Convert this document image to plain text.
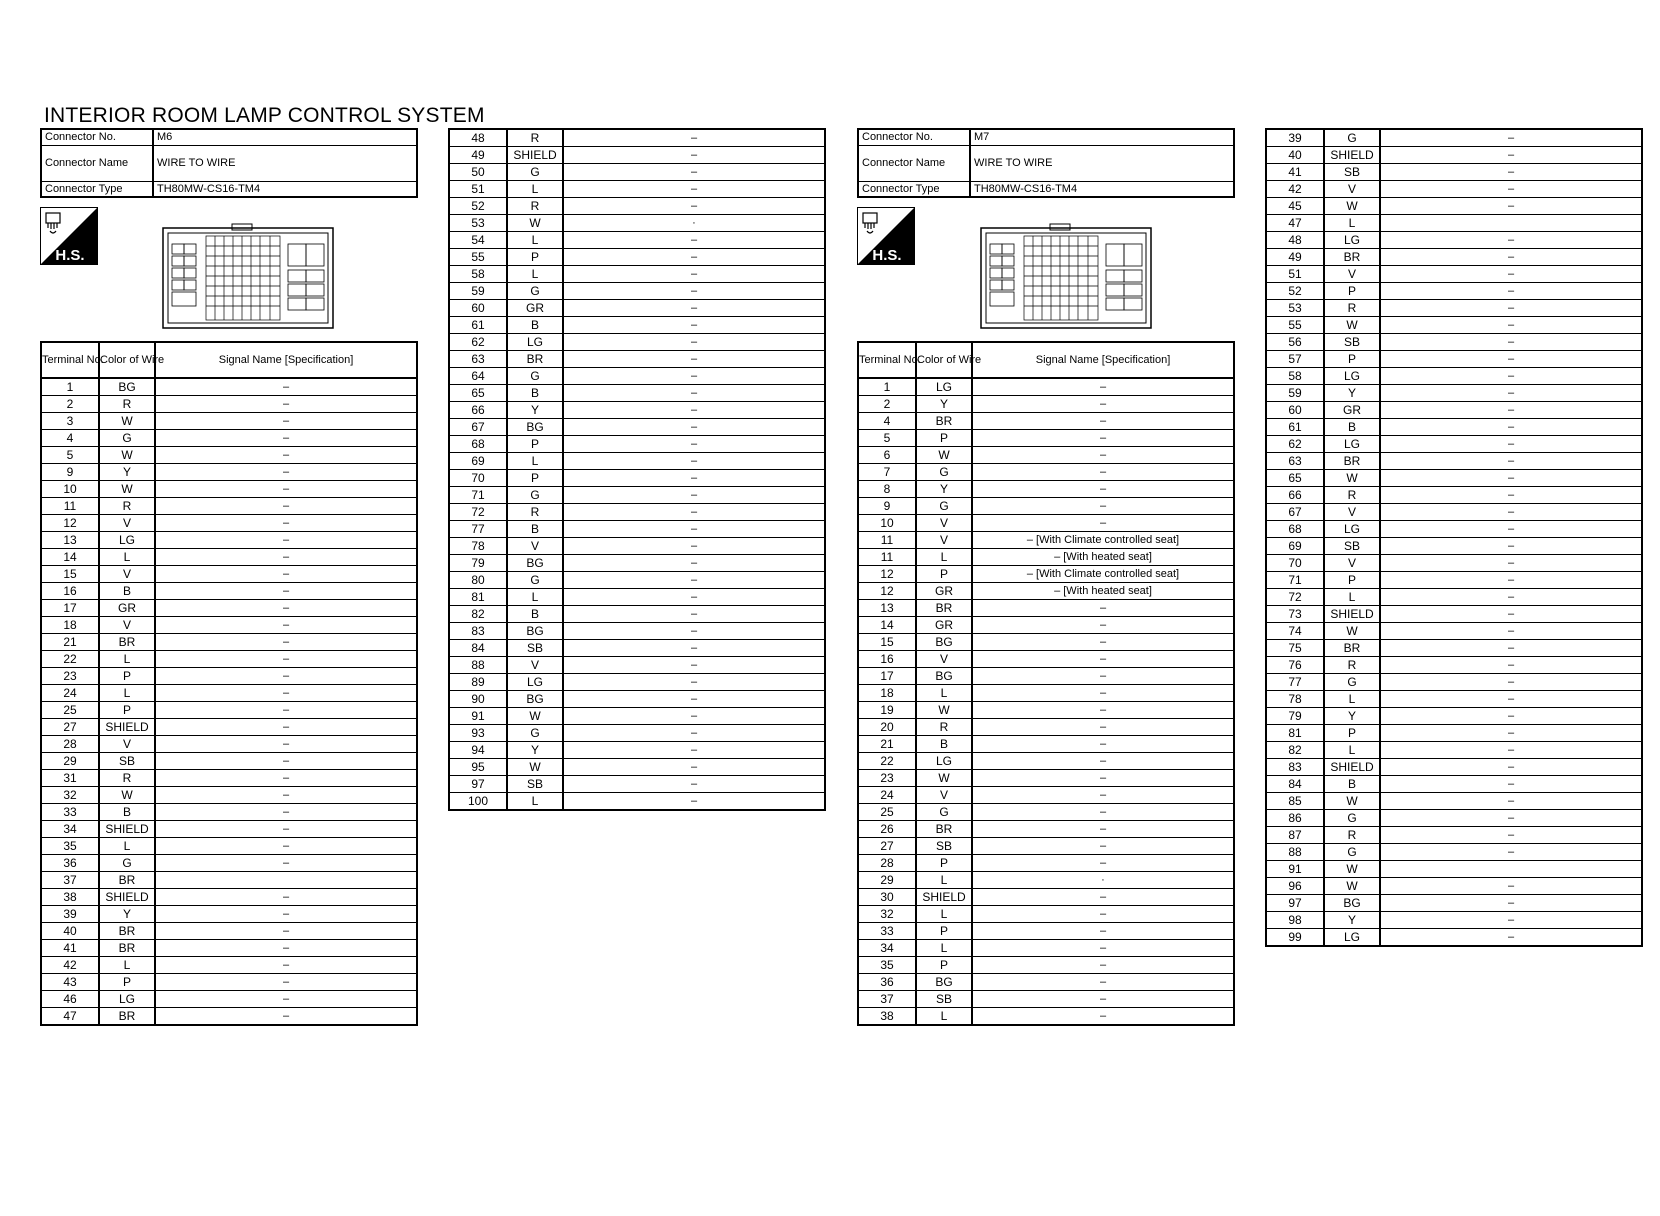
INTERIOR ROOM LAMP CONTROL SYSTEM
Connector No.	M6
Connector Name	WIRE TO WIRE
Connector Type	TH80MW-CS16-TM4
H.S.
Terminal No.	Color of Wire	Signal Name [Specification]
1	BG	–
2	R	–
3	W	–
4	G	–
5	W	–
9	Y	–
10	W	–
11	R	–
12	V	–
13	LG	–
14	L	–
15	V	–
16	B	–
17	GR	–
18	V	–
21	BR	–
22	L	–
23	P	–
24	L	–
25	P	–
27	SHIELD	–
28	V	–
29	SB	–
31	R	–
32	W	–
33	B	–
34	SHIELD	–
35	L	–
36	G	–
37	BR	
38	SHIELD	–
39	Y	–
40	BR	–
41	BR	–
42	L	–
43	P	–
46	LG	–
47	BR	–
48	R	–
49	SHIELD	–
50	G	–
51	L	–
52	R	–
53	W	·
54	L	–
55	P	–
58	L	–
59	G	–
60	GR	–
61	B	–
62	LG	–
63	BR	–
64	G	–
65	B	–
66	Y	–
67	BG	–
68	P	–
69	L	–
70	P	–
71	G	–
72	R	–
77	B	–
78	V	–
79	BG	–
80	G	–
81	L	–
82	B	–
83	BG	–
84	SB	–
88	V	–
89	LG	–
90	BG	–
91	W	–
93	G	–
94	Y	–
95	W	–
97	SB	–
100	L	–
Connector No.	M7
Connector Name	WIRE TO WIRE
Connector Type	TH80MW-CS16-TM4
H.S.
Terminal No.	Color of Wire	Signal Name [Specification]
1	LG	–
2	Y	–
4	BR	–
5	P	–
6	W	–
7	G	–
8	Y	–
9	G	–
10	V	–
11	V	– [With Climate controlled seat]
11	L	– [With heated seat]
12	P	– [With Climate controlled seat]
12	GR	– [With heated seat]
13	BR	–
14	GR	–
15	BG	–
16	V	–
17	BG	–
18	L	–
19	W	–
20	R	–
21	B	–
22	LG	–
23	W	–
24	V	–
25	G	–
26	BR	–
27	SB	–
28	P	–
29	L	·
30	SHIELD	–
32	L	–
33	P	–
34	L	–
35	P	–
36	BG	–
37	SB	–
38	L	–
39	G	–
40	SHIELD	–
41	SB	–
42	V	–
45	W	–
47	L	
48	LG	–
49	BR	–
51	V	–
52	P	–
53	R	–
55	W	–
56	SB	–
57	P	–
58	LG	–
59	Y	–
60	GR	–
61	B	–
62	LG	–
63	BR	–
65	W	–
66	R	–
67	V	–
68	LG	–
69	SB	–
70	V	–
71	P	–
72	L	–
73	SHIELD	–
74	W	–
75	BR	–
76	R	–
77	G	–
78	L	–
79	Y	–
81	P	–
82	L	–
83	SHIELD	–
84	B	–
85	W	–
86	G	–
87	R	–
88	G	–
91	W	
96	W	–
97	BG	–
98	Y	–
99	LG	–
